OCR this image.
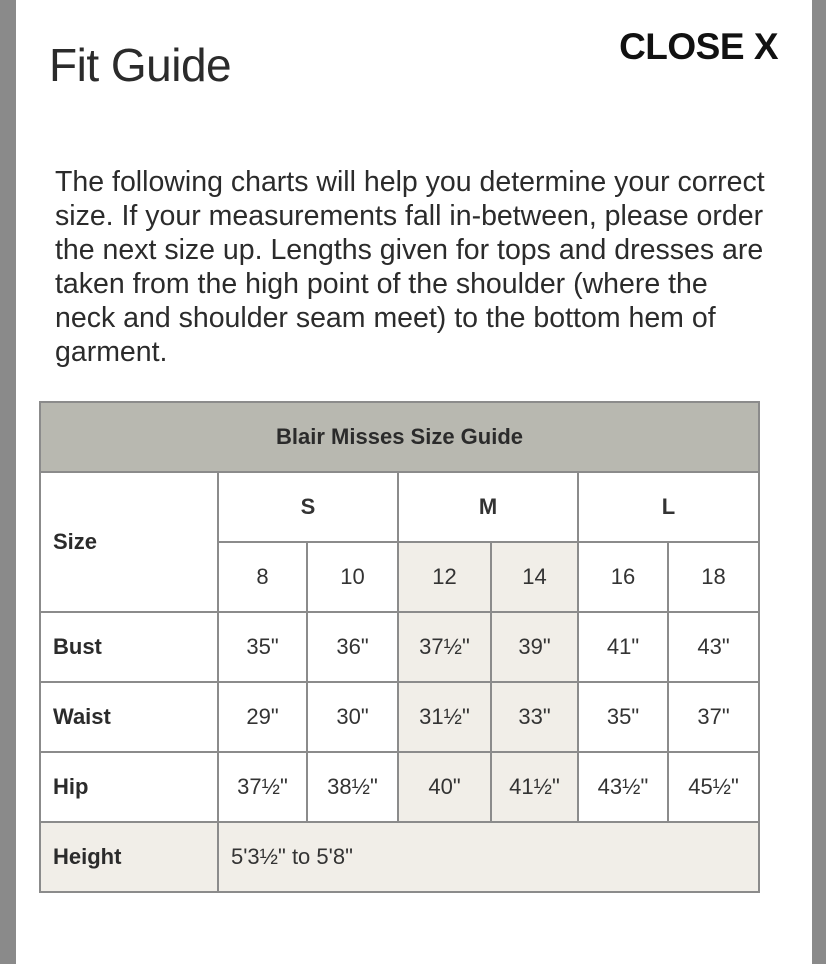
Fit Guide	CLOSE X
The following charts will help you determine your correct size. If your measurements fall in-between, please order the next size up. Lengths given for tops and dresses are taken from the high point of the shoulder (where the neck and shoulder seam meet) to the bottom hem of garment.
Blair Misses Size Guide						
Size	S		M		L	
	8	10	12	14	16	18
Bust	35"	36"	37½"	39"	41"	43"
Waist	29"	30"	31½"	33"	35"	37"
Hip	37½"	38½"	40"	41½"	43½"	45½"
Height	5'3½" to 5'8"					
